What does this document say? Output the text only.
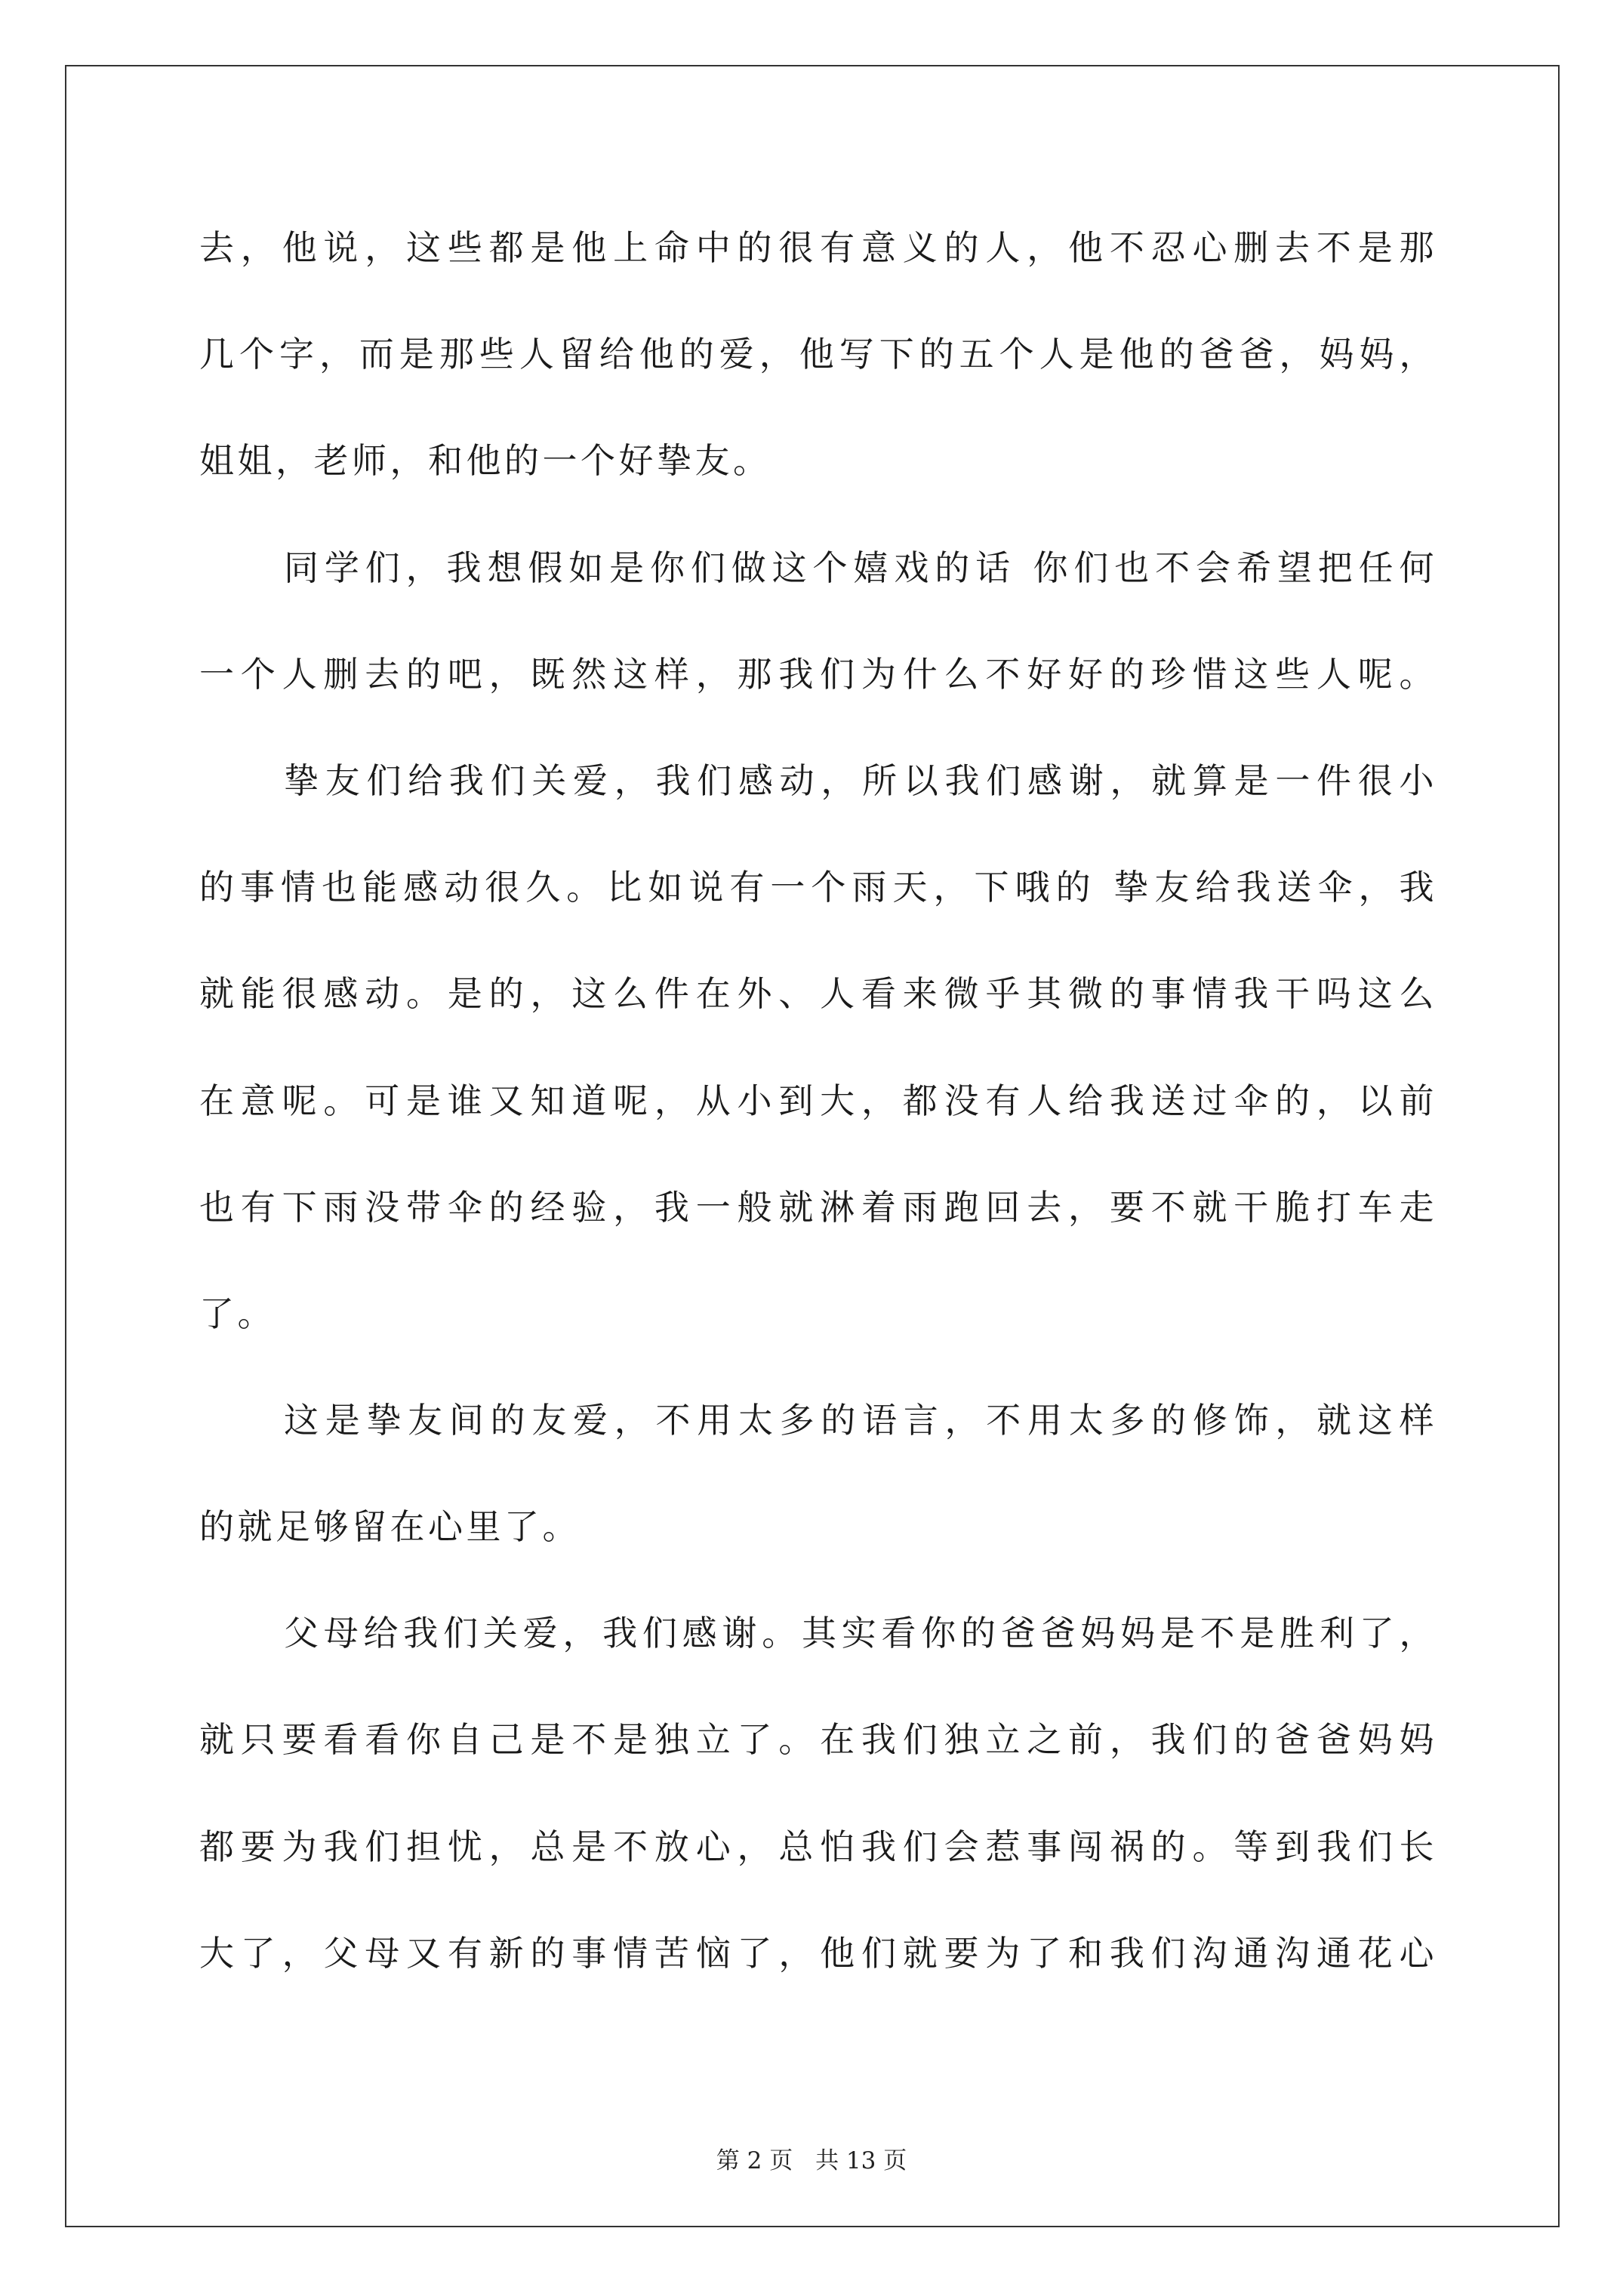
去，他说，这些都是他上命中的很有意义的人，他不忍心删去不是那
几个字，而是那些人留给他的爱，他写下的五个人是他的爸爸，妈妈，
姐姐，老师，和他的一个好挚友。
同学们，我想假如是你们做这个嬉戏的话 你们也不会希望把任何
一个人删去的吧，既然这样，那我们为什么不好好的珍惜这些人呢。
挚友们给我们关爱，我们感动，所以我们感谢，就算是一件很小
的事情也能感动很久。比如说有一个雨天，下哦的 挚友给我送伞，我
就能很感动。是的，这么件在外、人看来微乎其微的事情我干吗这么
在意呢。可是谁又知道呢，从小到大，都没有人给我送过伞的，以前
也有下雨没带伞的经验，我一般就淋着雨跑回去，要不就干脆打车走
了。
这是挚友间的友爱，不用太多的语言，不用太多的修饰，就这样
的就足够留在心里了。
父母给我们关爱，我们感谢。其实看你的爸爸妈妈是不是胜利了，
就只要看看你自己是不是独立了。在我们独立之前，我们的爸爸妈妈
都要为我们担忧，总是不放心，总怕我们会惹事闯祸的。等到我们长
大了，父母又有新的事情苦恼了，他们就要为了和我们沟通沟通花心
第 2 页 共 13 页
